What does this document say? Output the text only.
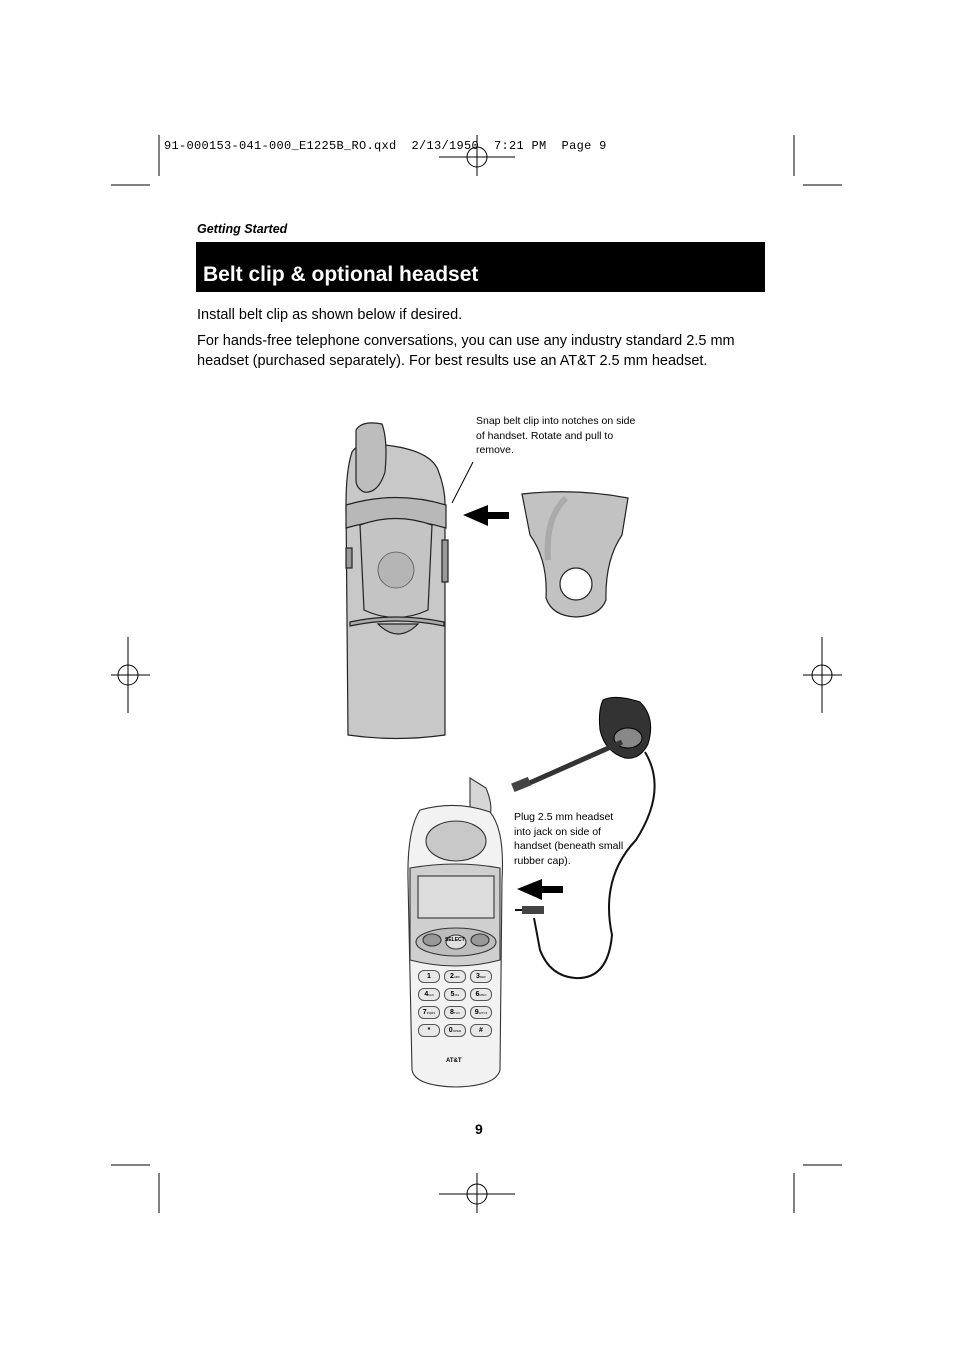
91-000153-041-000_E1225B_RO.qxd  2/13/1950  7:21 PM  Page 9
Getting Started
Belt clip & optional headset
Install belt clip as shown below if desired.
For hands-free telephone conversations, you can use any industry standard 2.5 mm headset (purchased separately). For best results use an AT&T 2.5 mm headset.
Snap belt clip into notches on side of handset. Rotate and pull to remove.
Plug 2.5 mm headset into jack on side of handset (beneath small rubber cap).
SELECT
1	2ABC	3DEF
4GHI	5JKL	6MNO
7PQRS	8TUV	9WXYZ
*	0OPER	#
AT&T
9
